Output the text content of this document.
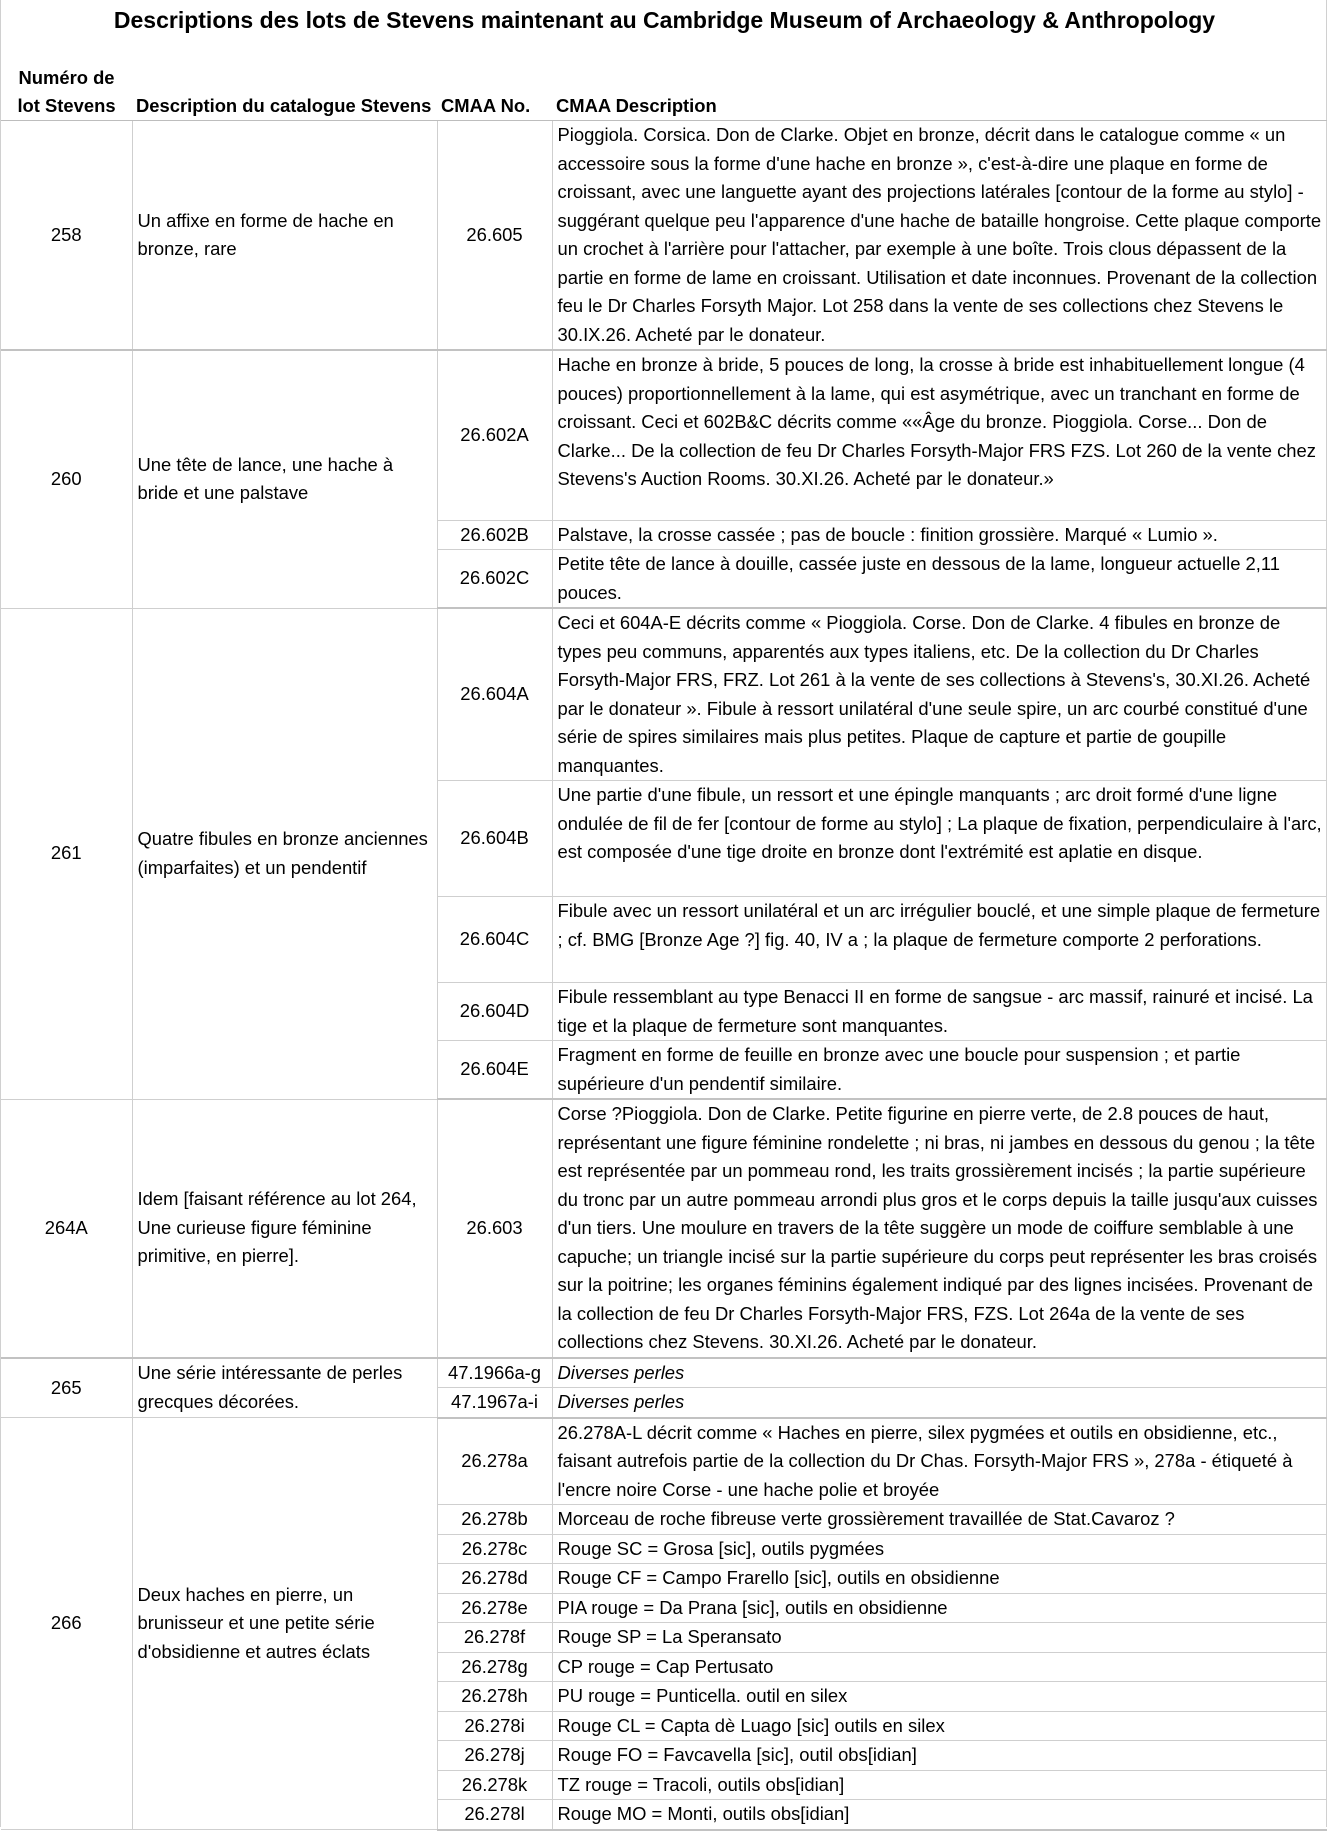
Descriptions des lots de Stevens maintenant au Cambridge Museum of Archaeology & Anthropology
Numéro de lot Stevens	Description du catalogue Stevens	CMAA No.	CMAA Description
258	Un affixe en forme de hache en bronze, rare	26.605	Pioggiola. Corsica. Don de Clarke. Objet en bronze, décrit dans le catalogue comme « un accessoire sous la forme d'une hache en bronze », c'est-à-dire une plaque en forme de croissant, avec une languette ayant des projections latérales [contour de la forme au stylo] - suggérant quelque peu l'apparence d'une hache de bataille hongroise. Cette plaque comporte un crochet à l'arrière pour l'attacher, par exemple à une boîte. Trois clous dépassent de la partie en forme de lame en croissant. Utilisation et date inconnues. Provenant de la collection feu le Dr Charles Forsyth Major. Lot 258 dans la vente de ses collections chez Stevens le 30.IX.26. Acheté par le donateur.
260	Une tête de lance, une hache à bride et une palstave	26.602A	Hache en bronze à bride, 5 pouces de long, la crosse à bride est inhabituellement longue (4 pouces) proportionnellement à la lame, qui est asymétrique, avec un tranchant en forme de croissant. Ceci et 602B&C décrits comme ««Âge du bronze. Pioggiola. Corse... Don de Clarke... De la collection de feu Dr Charles Forsyth-Major FRS FZS. Lot 260 de la vente chez Stevens's Auction Rooms. 30.XI.26. Acheté par le donateur.»
		26.602B	Palstave, la crosse cassée ; pas de boucle : finition grossière. Marqué « Lumio ».
		26.602C	Petite tête de lance à douille, cassée juste en dessous de la lame, longueur actuelle 2,11 pouces.
261	Quatre fibules en bronze anciennes (imparfaites) et un pendentif	26.604A	Ceci et 604A-E décrits comme « Pioggiola. Corse. Don de Clarke. 4 fibules en bronze de types peu communs, apparentés aux types italiens, etc. De la collection du Dr Charles Forsyth-Major FRS, FRZ. Lot 261 à la vente de ses collections à Stevens's, 30.XI.26. Acheté par le donateur ». Fibule à ressort unilatéral d'une seule spire, un arc courbé constitué d'une série de spires similaires mais plus petites. Plaque de capture et partie de goupille manquantes.
		26.604B	Une partie d'une fibule, un ressort et une épingle manquants ; arc droit formé d'une ligne ondulée de fil de fer [contour de forme au stylo] ; La plaque de fixation, perpendiculaire à l'arc, est composée d'une tige droite en bronze dont l'extrémité est aplatie en disque.
		26.604C	Fibule avec un ressort unilatéral et un arc irrégulier bouclé, et une simple plaque de fermeture ; cf. BMG [Bronze Age ?] fig. 40, IV a ; la plaque de fermeture comporte 2 perforations.
		26.604D	Fibule ressemblant au type Benacci II en forme de sangsue - arc massif, rainuré et incisé. La tige et la plaque de fermeture sont manquantes.
		26.604E	Fragment en forme de feuille en bronze avec une boucle pour suspension ; et partie supérieure d'un pendentif similaire.
264A	Idem [faisant référence au lot 264, Une curieuse figure féminine primitive, en pierre].	26.603	Corse ?Pioggiola. Don de Clarke. Petite figurine en pierre verte, de 2.8 pouces de haut, représentant une figure féminine rondelette ; ni bras, ni jambes en dessous du genou ; la tête est représentée par un pommeau rond, les traits grossièrement incisés ; la partie supérieure du tronc par un autre pommeau arrondi plus gros et le corps depuis la taille jusqu'aux cuisses d'un tiers. Une moulure en travers de la tête suggère un mode de coiffure semblable à une capuche; un triangle incisé sur la partie supérieure du corps peut représenter les bras croisés sur la poitrine; les organes féminins également indiqué par des lignes incisées. Provenant de la collection de feu Dr Charles Forsyth-Major FRS, FZS. Lot 264a de la vente de ses collections chez Stevens. 30.XI.26. Acheté par le donateur.
265	Une série intéressante de perles grecques décorées.	47.1966a-g	Diverses perles
		47.1967a-i	Diverses perles
266	Deux haches en pierre, un brunisseur et une petite série d'obsidienne et autres éclats	26.278a	26.278A-L décrit comme « Haches en pierre, silex pygmées et outils en obsidienne, etc., faisant autrefois partie de la collection du Dr Chas. Forsyth-Major FRS », 278a - étiqueté à l'encre noire Corse - une hache polie et broyée
		26.278b	Morceau de roche fibreuse verte grossièrement travaillée de Stat.Cavaroz ?
		26.278c	Rouge SC = Grosa [sic], outils pygmées
		26.278d	Rouge CF = Campo Frarello [sic], outils en obsidienne
		26.278e	PIA rouge = Da Prana [sic], outils en obsidienne
		26.278f	Rouge SP = La Speransato
		26.278g	CP rouge = Cap Pertusato
		26.278h	PU rouge = Punticella. outil en silex
		26.278i	Rouge CL = Capta dè Luago [sic] outils en silex
		26.278j	Rouge FO = Favcavella [sic], outil obs[idian]
		26.278k	TZ rouge = Tracoli, outils obs[idian]
		26.278l	Rouge MO = Monti, outils obs[idian]
